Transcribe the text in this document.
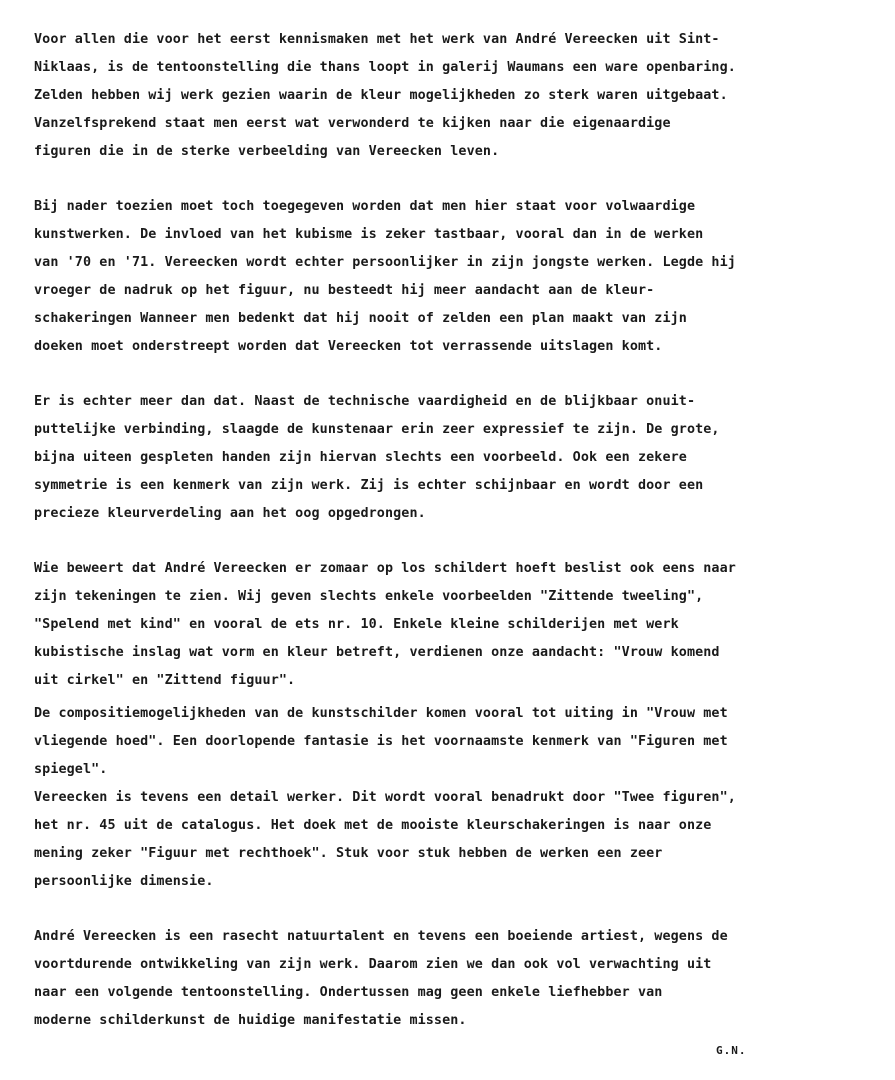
Voor allen die voor het eerst kennismaken met het werk van André Vereecken uit Sint-
Niklaas, is de tentoonstelling die thans loopt in galerij Waumans een ware openbaring.
Zelden hebben wij werk gezien waarin de kleur mogelijkheden zo sterk waren uitgebaat.
Vanzelfsprekend staat men eerst wat verwonderd te kijken naar die eigenaardige
figuren die in de sterke verbeelding van Vereecken leven.
Bij nader toezien moet toch toegegeven worden dat men hier staat voor volwaardige
kunstwerken. De invloed van het kubisme is zeker tastbaar, vooral dan in de werken
van '70 en '71. Vereecken wordt echter persoonlijker in zijn jongste werken. Legde hij
vroeger de nadruk op het figuur, nu besteedt hij meer aandacht aan de kleur-
schakeringen Wanneer men bedenkt dat hij nooit of zelden een plan maakt van zijn
doeken moet onderstreept worden dat Vereecken tot verrassende uitslagen komt.
Er is echter meer dan dat. Naast de technische vaardigheid en de blijkbaar onuit-
puttelijke verbinding, slaagde de kunstenaar erin zeer expressief te zijn. De grote,
bijna uiteen gespleten handen zijn hiervan slechts een voorbeeld. Ook een zekere
symmetrie is een kenmerk van zijn werk. Zij is echter schijnbaar en wordt door een
precieze kleurverdeling aan het oog opgedrongen.
Wie beweert dat André Vereecken er zomaar op los schildert hoeft beslist ook eens naar
zijn tekeningen te zien. Wij geven slechts enkele voorbeelden "Zittende tweeling",
"Spelend met kind" en vooral de ets nr. 10. Enkele kleine schilderijen met werk
kubistische inslag wat vorm en kleur betreft, verdienen onze aandacht: "Vrouw komend
uit cirkel" en "Zittend figuur".
De compositiemogelijkheden van de kunstschilder komen vooral tot uiting in "Vrouw met
vliegende hoed". Een doorlopende fantasie is het voornaamste kenmerk van "Figuren met
spiegel".
Vereecken is tevens een detail werker. Dit wordt vooral benadrukt door "Twee figuren",
het nr. 45 uit de catalogus. Het doek met de mooiste kleurschakeringen is naar onze
mening zeker "Figuur met rechthoek". Stuk voor stuk hebben de werken een zeer
persoonlijke dimensie.
André Vereecken is een rasecht natuurtalent en tevens een boeiende artiest, wegens de
voortdurende ontwikkeling van zijn werk. Daarom zien we dan ook vol verwachting uit
naar een volgende tentoonstelling. Ondertussen mag geen enkele liefhebber van
moderne schilderkunst de huidige manifestatie missen.
G.N.
